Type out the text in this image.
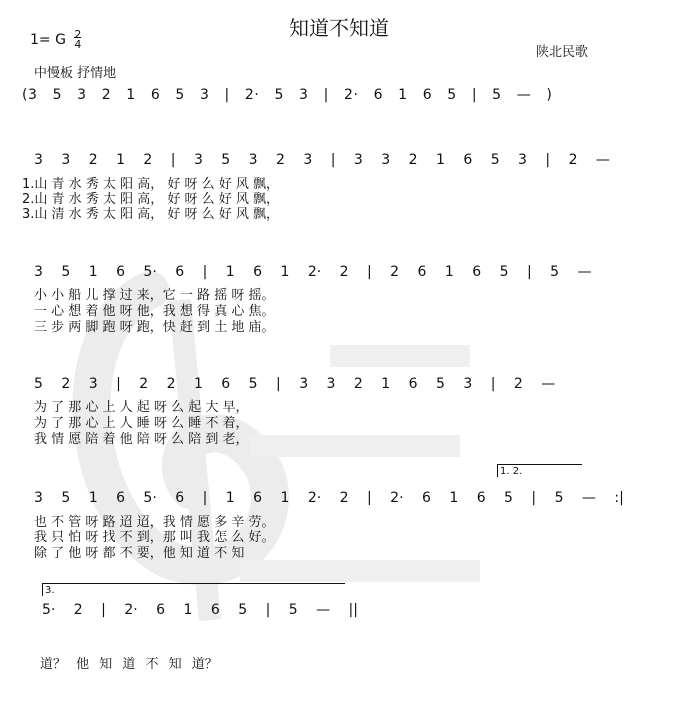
知道不知道
1= G 2
4
陕北民歌
中慢板 抒情地
(3 5 3 2 1 6 5 3 | 2· 5 3 | 2· 6 1 6 5 | 5 — )
3 3 2 1 2 | 3 5 3 2 3 | 3 3 2 1 6 5 3 | 2 —
1.山 青 水 秀 太 阳 高， 好 呀 么 好 风 飘，
2.山 青 水 秀 太 阳 高， 好 呀 么 好 风 飘，
3.山 清 水 秀 太 阳 高， 好 呀 么 好 风 飘，
3 5 1 6 5· 6 | 1 6 1 2· 2 | 2 6 1 6 5 | 5 —
小 小 船 儿 撑 过 来，它 一 路 摇 呀 摇。
一 心 想 着 他 呀 他，我 想 得 真 心 焦。
三 步 两 脚 跑 呀 跑，快 赶 到 土 地 庙。
5 2 3 | 2 2 1 6 5 | 3 3 2 1 6 5 3 | 2 —
为 了 那 心 上 人 起 呀 么 起 大 早，
为 了 那 心 上 人 睡 呀 么 睡 不 着，
我 情 愿 陪 着 他 陪 呀 么 陪 到 老，
1. 2.
3 5 1 6 5· 6 | 1 6 1 2· 2 | 2· 6 1 6 5 | 5 — :|
也 不 管 呀 路 迢 迢，我 情 愿 多 辛 劳。
我 只 怕 呀 找 不 到，那 叫 我 怎 么 好。
除 了 他 呀 都 不 要，他 知 道 不 知
3.
5· 2 | 2· 6 1 6 5 | 5 — ||
道？ 他 知 道 不 知 道？
